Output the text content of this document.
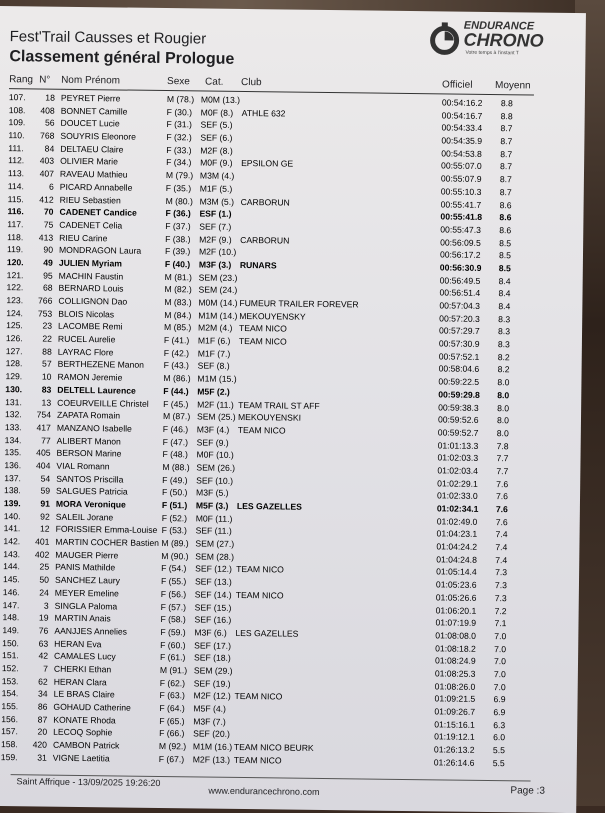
Fest'Trail Causses et Rougier
Classement général Prologue
ENDURANCE
CHRONO
Votre temps à l'instant T
Rang N° Nom Prénom	Sexe Cat. Club	Officiel Moyenn
107.	18 PEYRET Pierre	M (78.) M0M (13.)	00:54:16.2 8.8
108.	408 BONNET Camille	F (30.) M0F (8.) ATHLE 632	00:54:16.7 8.8
109.	56 DOUCET Lucie	F (31.) SEF (5.)	00:54:33.4 8.7
110.	768 SOUYRIS Eleonore	F (32.) SEF (6.)	00:54:35.9 8.7
111.	84 DELTAEU Claire	F (33.) M2F (8.)	00:54:53.8 8.7
112.	403 OLIVIER Marie	F (34.) M0F (9.) EPSILON GE	00:55:07.0 8.7
113.	407 RAVEAU Mathieu	M (79.) M3M (4.)	00:55:07.9 8.7
114.	6 PICARD Annabelle	F (35.) M1F (5.)	00:55:10.3 8.7
115.	412 RIEU Sebastien	M (80.) M3M (5.) CARBORUN	00:55:41.7 8.6
116.	70 CADENET Candice	F (36.) ESF (1.)	00:55:41.8 8.6
117.	75 CADENET Celia	F (37.) SEF (7.)	00:55:47.3 8.6
118.	413 RIEU Carine	F (38.) M2F (9.) CARBORUN	00:56:09.5 8.5
119.	90 MONDRAGON Laura	F (39.) M2F (10.)	00:56:17.2 8.5
120.	49 JULIEN Myriam	F (40.) M3F (3.) RUNARS	00:56:30.9 8.5
121.	95 MACHIN Faustin	M (81.) SEM (23.)	00:56:49.5 8.4
122.	68 BERNARD Louis	M (82.) SEM (24.)	00:56:51.4 8.4
123.	766 COLLIGNON Dao	M (83.) M0M (14.) FUMEUR TRAILER FOREVER	00:57:04.3 8.4
124.	753 BLOIS Nicolas	M (84.) M1M (14.) MEKOUYENSKY	00:57:20.3 8.3
125.	23 LACOMBE Remi	M (85.) M2M (4.) TEAM NICO	00:57:29.7 8.3
126.	22 RUCEL Aurelie	F (41.) M1F (6.) TEAM NICO	00:57:30.9 8.3
127.	88 LAYRAC Flore	F (42.) M1F (7.)	00:57:52.1 8.2
128.	57 BERTHEZENE Manon F (43.) SEF (8.)	00:58:04.6 8.2
129.	10 RAMON Jeremie	M (86.) M1M (15.)	00:59:22.5 8.0
130.	83 DELTELL Laurence	F (44.) M5F (2.)	00:59:29.8 8.0
131.	13 COEURVEILLE Christel F (45.) M2F (11.) TEAM TRAIL ST AFF	00:59:38.3 8.0
132.	754 ZAPATA Romain	M (87.) SEM (25.) MEKOUYENSKI	00:59:52.6 8.0
133.	417 MANZANO Isabelle	F (46.) M3F (4.) TEAM NICO	00:59:52.7 8.0
134.	77 ALIBERT Manon	F (47.) SEF (9.)	01:01:13.3 7.8
135.	405 BERSON Marine	F (48.) M0F (10.)	01:02:03.3 7.7
136.	404 VIAL Romann	M (88.) SEM (26.)	01:02:03.4 7.7
137.	54 SANTOS Priscilla	F (49.) SEF (10.)	01:02:29.1 7.6
138.	59 SALGUES Patricia	F (50.) M3F (5.)	01:02:33.0 7.6
139.	91 MORA Veronique	F (51.) M5F (3.) LES GAZELLES	01:02:34.1 7.6
140.	92 SALEIL Jorane	F (52.) M0F (11.)	01:02:49.0 7.6
141.	12 FORISSIER Emma-Louise F (53.) SEF (11.)	01:04:23.1 7.4
142.	401 MARTIN COCHER Bastien M (89.) SEM (27.)	01:04:24.2 7.4
143.	402 MAUGER Pierre	M (90.) SEM (28.)	01:04:24.8 7.4
144.	25 PANIS Mathilde	F (54.) SEF (12.) TEAM NICO	01:05:14.4 7.3
145.	50 SANCHEZ Laury	F (55.) SEF (13.)	01:05:23.6 7.3
146.	24 MEYER Emeline	F (56.) SEF (14.) TEAM NICO	01:05:26.6 7.3
147.	3 SINGLA Paloma	F (57.) SEF (15.)	01:06:20.1 7.2
148.	19 MARTIN Anais	F (58.) SEF (16.)	01:07:19.9 7.1
149.	76 AANJJES Annelies	F (59.) M3F (6.) LES GAZELLES	01:08:08.0 7.0
150.	63 HERAN Eva	F (60.) SEF (17.)	01:08:18.2 7.0
151.	42 CAMALES Lucy	F (61.) SEF (18.)	01:08:24.9 7.0
152.	7 CHERKI Ethan	M (91.) SEM (29.)	01:08:25.3 7.0
153.	62 HERAN Clara	F (62.) SEF (19.)	01:08:26.0 7.0
154.	34 LE BRAS Claire	F (63.) M2F (12.) TEAM NICO	01:09:21.5 6.9
155.	86 GOHAUD Catherine	F (64.) M5F (4.)	01:09:26.7 6.9
156.	87 KONATE Rhoda	F (65.) M3F (7.)	01:15:16.1 6.3
157.	20 LECOQ Sophie	F (66.) SEF (20.)	01:19:12.1 6.0
158.	420 CAMBON Patrick	M (92.) M1M (16.) TEAM NICO BEURK	01:26:13.2 5.5
159.	31 VIGNE Laetitia	F (67.) M2F (13.) TEAM NICO	01:26:14.6 5.5
Saint Affrique - 13/09/2025 19:26:20
www.endurancechrono.com	Page :3
